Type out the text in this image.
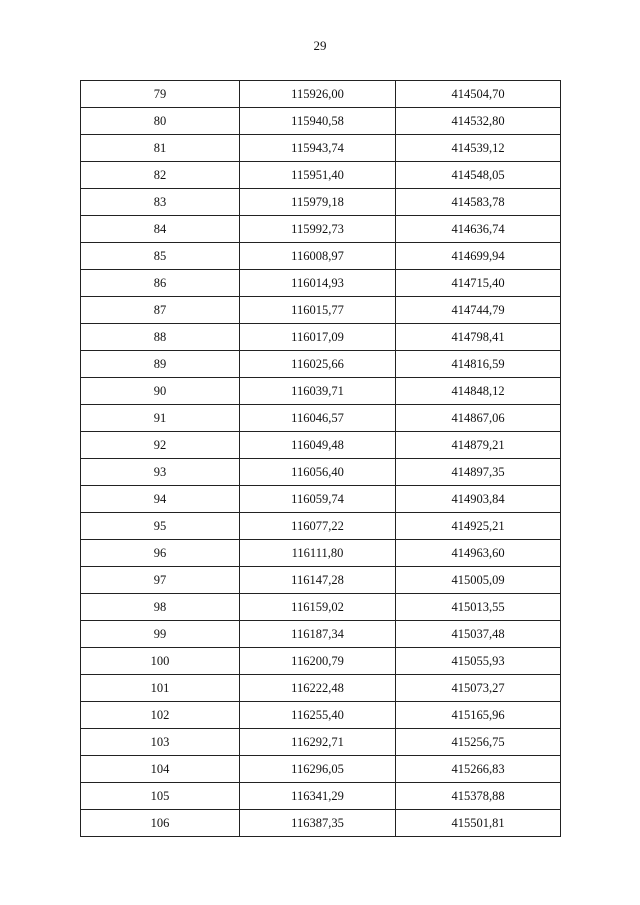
29
79	115926,00	414504,70
80	115940,58	414532,80
81	115943,74	414539,12
82	115951,40	414548,05
83	115979,18	414583,78
84	115992,73	414636,74
85	116008,97	414699,94
86	116014,93	414715,40
87	116015,77	414744,79
88	116017,09	414798,41
89	116025,66	414816,59
90	116039,71	414848,12
91	116046,57	414867,06
92	116049,48	414879,21
93	116056,40	414897,35
94	116059,74	414903,84
95	116077,22	414925,21
96	116111,80	414963,60
97	116147,28	415005,09
98	116159,02	415013,55
99	116187,34	415037,48
100	116200,79	415055,93
101	116222,48	415073,27
102	116255,40	415165,96
103	116292,71	415256,75
104	116296,05	415266,83
105	116341,29	415378,88
106	116387,35	415501,81
